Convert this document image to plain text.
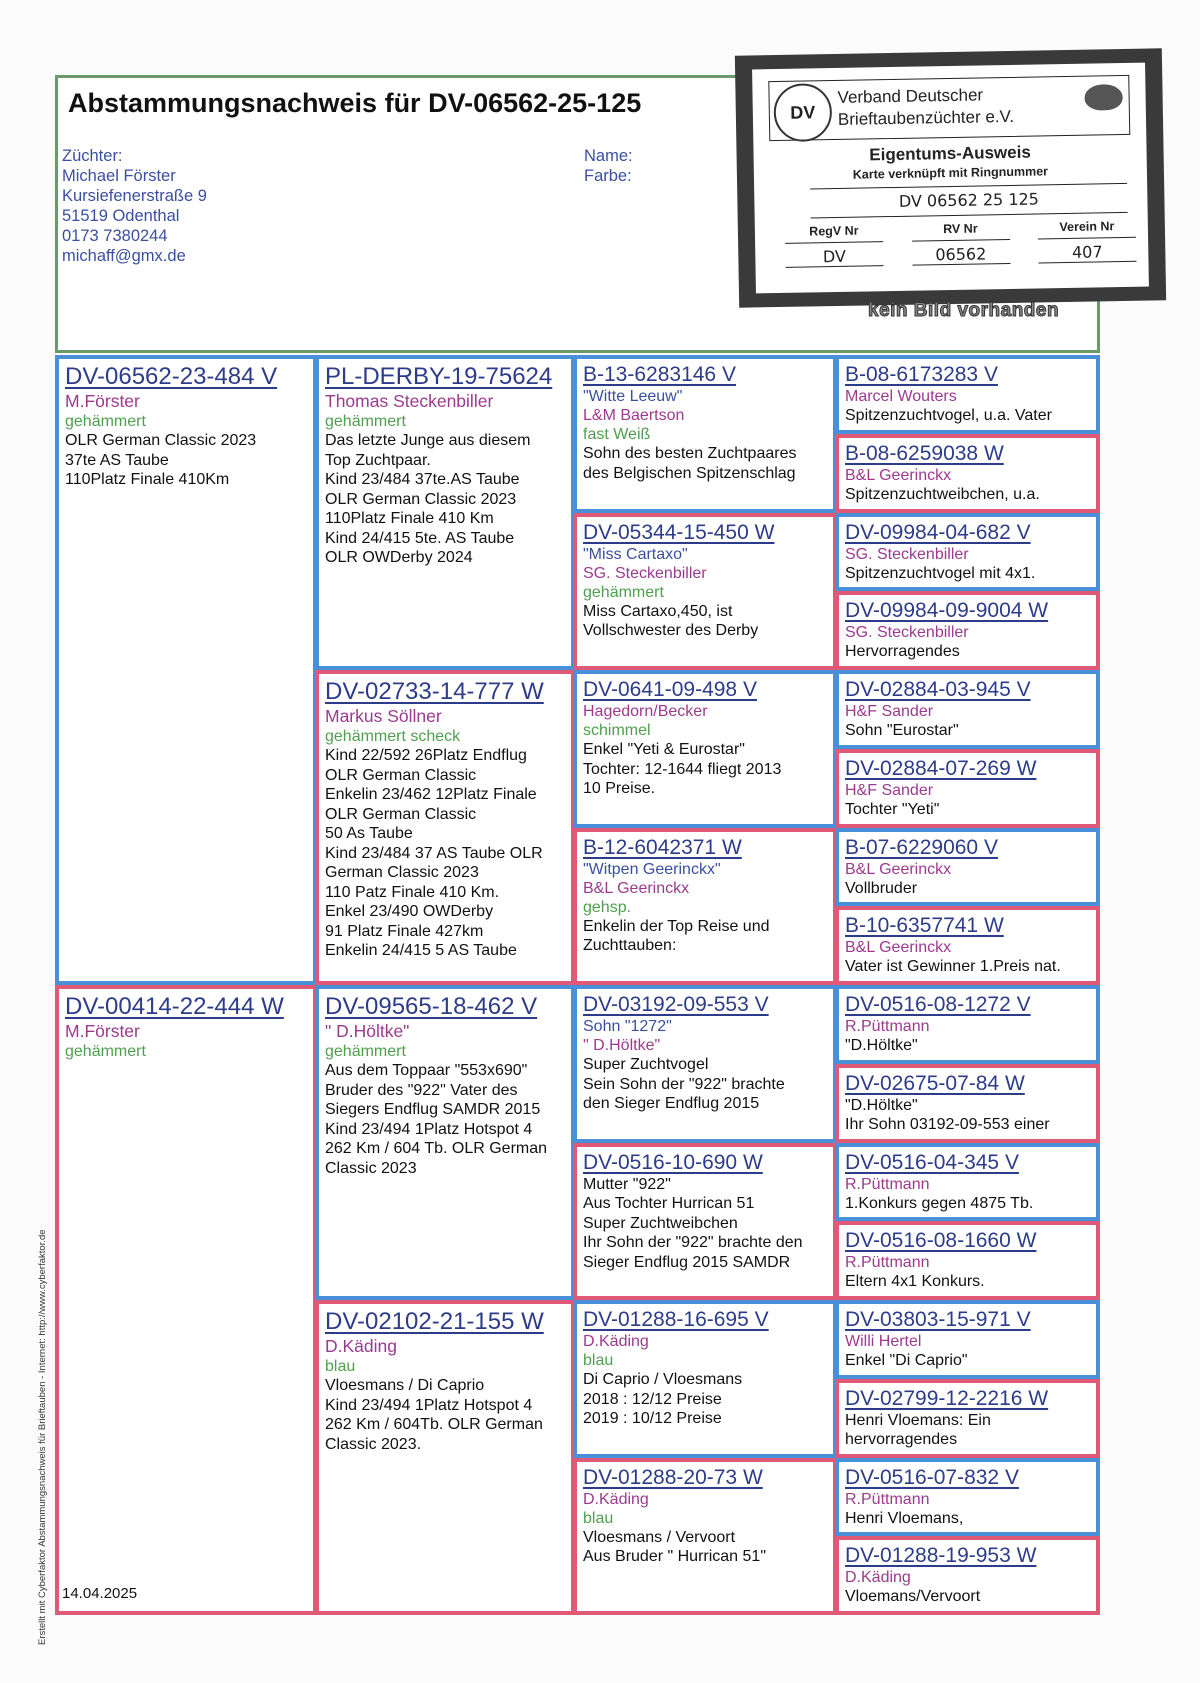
Abstammungsnachweis für DV-06562-25-125
Züchter:
Michael Förster
Kursiefenerstraße 9
51519 Odenthal
0173 7380244
michaff@gmx.de
Name:
Farbe:
DV
Verband Deutscher
Brieftaubenzüchter e.V.
Eigentums-Ausweis
Karte verknüpft mit Ringnummer
DV 06562 25 125
RegV Nr
DV
RV Nr
06562
Verein Nr
407
kein Bild vorhanden
DV-06562-23-484 V
M.Förster
gehämmert
OLR German Classic 2023
37te AS Taube
110Platz Finale 410Km
DV-00414-22-444 W
M.Förster
gehämmert
PL-DERBY-19-75624
Thomas Steckenbiller
gehämmert
Das letzte Junge aus diesem
Top Zuchtpaar.
Kind 23/484 37te.AS Taube
OLR German Classic 2023
110Platz Finale 410 Km
Kind 24/415 5te. AS Taube
OLR OWDerby 2024
DV-02733-14-777 W
Markus Söllner
gehämmert scheck
Kind 22/592 26Platz Endflug
OLR German Classic
Enkelin 23/462 12Platz Finale
OLR German Classic
50 As Taube
Kind 23/484 37 AS Taube OLR
German Classic 2023
110 Patz Finale 410 Km.
Enkel 23/490 OWDerby
91 Platz Finale 427km
Enkelin 24/415 5 AS Taube
DV-09565-18-462 V
" D.Höltke"
gehämmert
Aus dem Toppaar "553x690"
Bruder des "922" Vater des
Siegers Endflug SAMDR 2015
Kind 23/494 1Platz Hotspot 4
262 Km / 604 Tb. OLR German
Classic 2023
DV-02102-21-155 W
D.Käding
blau
Vloesmans / Di Caprio
Kind 23/494 1Platz Hotspot 4
262 Km / 604Tb. OLR German
Classic 2023.
B-13-6283146 V
"Witte Leeuw"
L&M Baertson
fast Weiß
Sohn des besten Zuchtpaares
des Belgischen Spitzenschlag
DV-05344-15-450 W
"Miss Cartaxo"
SG. Steckenbiller
gehämmert
Miss Cartaxo,450, ist
Vollschwester des Derby
DV-0641-09-498 V
Hagedorn/Becker
schimmel
Enkel "Yeti & Eurostar"
Tochter: 12-1644 fliegt 2013
10 Preise.
B-12-6042371 W
"Witpen Geerinckx"
B&L Geerinckx
gehsp.
Enkelin der Top Reise und
Zuchttauben:
DV-03192-09-553 V
Sohn "1272"
" D.Höltke"
Super Zuchtvogel
Sein Sohn der "922" brachte
den Sieger Endflug 2015
DV-0516-10-690 W
Mutter "922"
Aus Tochter Hurrican 51
Super Zuchtweibchen
Ihr Sohn der "922" brachte den
Sieger Endflug 2015 SAMDR
DV-01288-16-695 V
D.Käding
blau
Di Caprio / Vloesmans
2018 : 12/12 Preise
2019 : 10/12 Preise
DV-01288-20-73 W
D.Käding
blau
Vloesmans / Vervoort
Aus Bruder " Hurrican 51"
B-08-6173283 V
Marcel Wouters
Spitzenzuchtvogel, u.a. Vater
B-08-6259038 W
B&L Geerinckx
Spitzenzuchtweibchen, u.a.
DV-09984-04-682 V
SG. Steckenbiller
Spitzenzuchtvogel mit 4x1.
DV-09984-09-9004 W
SG. Steckenbiller
Hervorragendes
DV-02884-03-945 V
H&F Sander
Sohn "Eurostar"
DV-02884-07-269 W
H&F Sander
Tochter "Yeti"
B-07-6229060 V
B&L Geerinckx
Vollbruder
B-10-6357741 W
B&L Geerinckx
Vater ist Gewinner 1.Preis nat.
DV-0516-08-1272 V
R.Püttmann
"D.Höltke"
DV-02675-07-84 W
"D.Höltke"
Ihr Sohn 03192-09-553 einer
DV-0516-04-345 V
R.Püttmann
1.Konkurs gegen 4875 Tb.
DV-0516-08-1660 W
R.Püttmann
Eltern 4x1 Konkurs.
DV-03803-15-971 V
Willi Hertel
Enkel "Di Caprio"
DV-02799-12-2216 W
Henri Vloemans: Ein
hervorragendes
DV-0516-07-832 V
R.Püttmann
Henri Vloemans,
DV-01288-19-953 W
D.Käding
Vloemans/Vervoort
Erstellt mit Cyberfaktor Abstammungsnachweis für Brieftauben - Internet: http://www.cyberfaktor.de 14.04.2025
